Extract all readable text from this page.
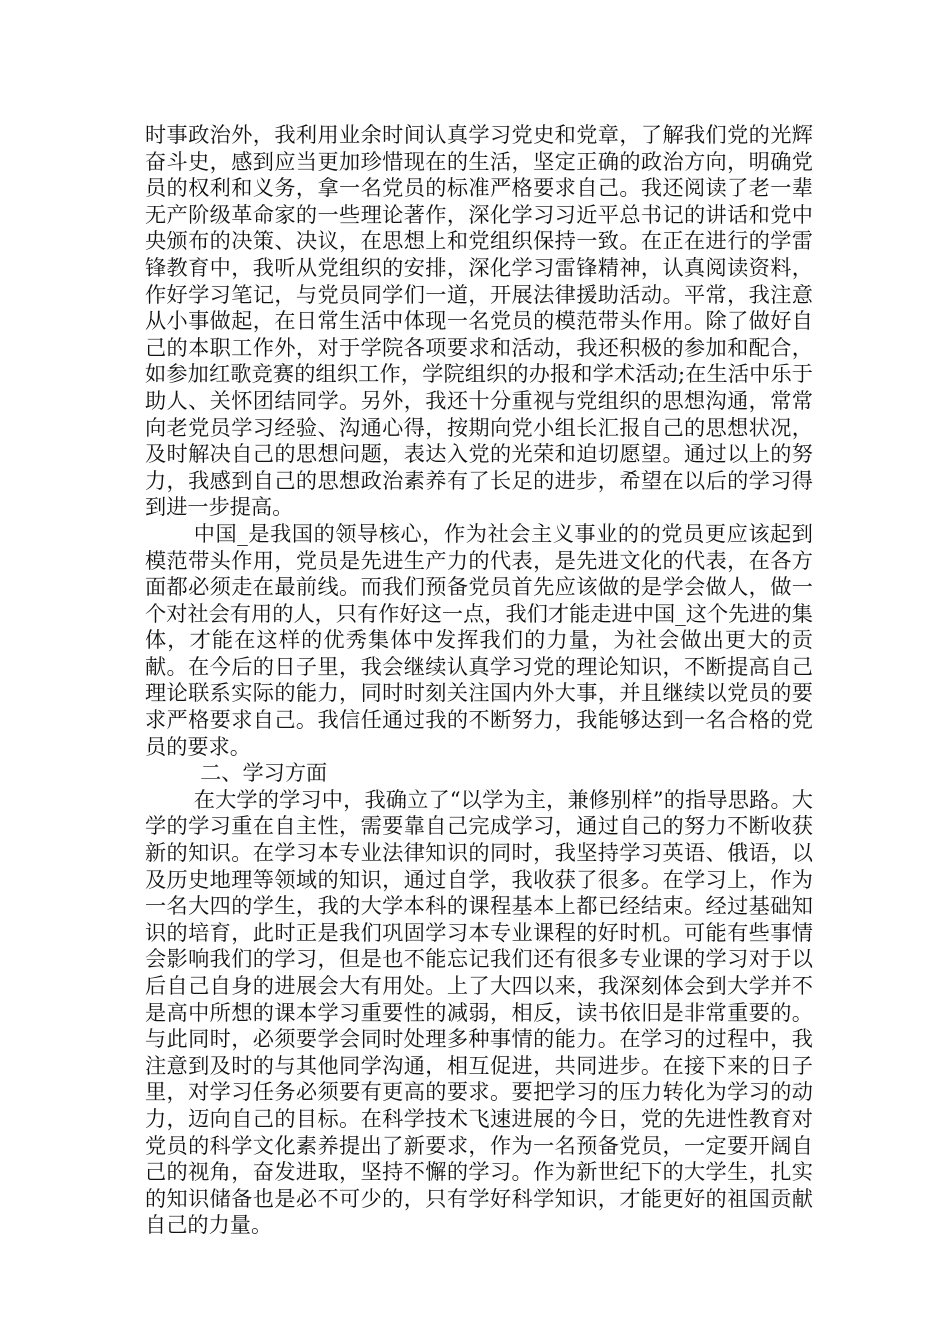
时事政治外，我利用业余时间认真学习党史和党章，了解我们党的光辉奋斗史，感到应当更加珍惜现在的生活，坚定正确的政治方向，明确党员的权利和义务，拿一名党员的标准严格要求自己。我还阅读了老一辈无产阶级革命家的一些理论著作，深化学习习近平总书记的讲话和党中央颁布的决策、决议，在思想上和党组织保持一致。在正在进行的学雷锋教育中，我听从党组织的安排，深化学习雷锋精神，认真阅读资料，作好学习笔记，与党员同学们一道，开展法律援助活动。平常，我注意从小事做起，在日常生活中体现一名党员的模范带头作用。除了做好自己的本职工作外，对于学院各项要求和活动，我还积极的参加和配合，如参加红歌竞赛的组织工作，学院组织的办报和学术活动;在生活中乐于助人、关怀团结同学。另外，我还十分重视与党组织的思想沟通，常常向老党员学习经验、沟通心得，按期向党小组长汇报自己的思想状况，及时解决自己的思想问题，表达入党的光荣和迫切愿望。通过以上的努力，我感到自己的思想政治素养有了长足的进步，希望在以后的学习得到进一步提高。

中国_是我国的领导核心，作为社会主义事业的的党员更应该起到模范带头作用，党员是先进生产力的代表，是先进文化的代表，在各方面都必须走在最前线。而我们预备党员首先应该做的是学会做人，做一个对社会有用的人，只有作好这一点，我们才能走进中国_这个先进的集体，才能在这样的优秀集体中发挥我们的力量，为社会做出更大的贡献。在今后的日子里，我会继续认真学习党的理论知识，不断提高自己理论联系实际的能力，同时时刻关注国内外大事，并且继续以党员的要求严格要求自己。我信任通过我的不断努力，我能够达到一名合格的党员的要求。

二、学习方面

在大学的学习中，我确立了“以学为主，兼修别样”的指导思路。大学的学习重在自主性，需要靠自己完成学习，通过自己的努力不断收获新的知识。在学习本专业法律知识的同时，我坚持学习英语、俄语，以及历史地理等领域的知识，通过自学，我收获了很多。在学习上，作为一名大四的学生，我的大学本科的课程基本上都已经结束。经过基础知识的培育，此时正是我们巩固学习本专业课程的好时机。可能有些事情会影响我们的学习，但是也不能忘记我们还有很多专业课的学习对于以后自己自身的进展会大有用处。上了大四以来，我深刻体会到大学并不是高中所想的课本学习重要性的减弱，相反，读书依旧是非常重要的。与此同时，必须要学会同时处理多种事情的能力。在学习的过程中，我注意到及时的与其他同学沟通，相互促进，共同进步。在接下来的日子里，对学习任务必须要有更高的要求。要把学习的压力转化为学习的动力，迈向自己的目标。在科学技术飞速进展的今日，党的先进性教育对党员的科学文化素养提出了新要求，作为一名预备党员，一定要开阔自己的视角，奋发进取，坚持不懈的学习。作为新世纪下的大学生，扎实的知识储备也是必不可少的，只有学好科学知识，才能更好的祖国贡献自己的力量。
